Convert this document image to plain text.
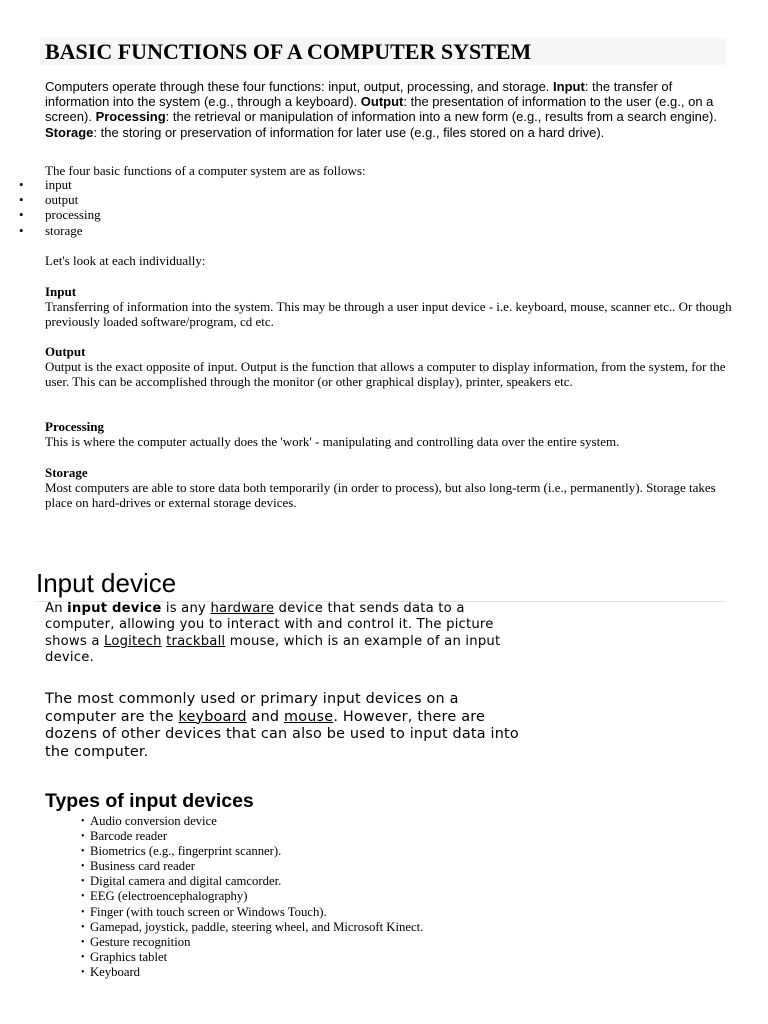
BASIC FUNCTIONS OF A COMPUTER SYSTEM

Computers operate through these four functions: input, output, processing, and storage. Input: the transfer of information into the system (e.g., through a keyboard). Output: the presentation of information to the user (e.g., on a screen). Processing: the retrieval or manipulation of information into a new form (e.g., results from a search engine). Storage: the storing or preservation of information for later use (e.g., files stored on a hard drive).

The four basic functions of a computer system are as follows:

• input
• output
• processing
• storage

Let's look at each individually:

Input
Transferring of information into the system. This may be through a user input device - i.e. keyboard, mouse, scanner etc.. Or though previously loaded software/program, cd etc.
Output
Output is the exact opposite of input. Output is the function that allows a computer to display information, from the system, for the user. This can be accomplished through the monitor (or other graphical display), printer, speakers etc.
Processing
This is where the computer actually does the 'work' - manipulating and controlling data over the entire system.
Storage
Most computers are able to store data both temporarily (in order to process), but also long-term (i.e., permanently). Storage takes place on hard-drives or external storage devices.
Input device

An input device is any hardware device that sends data to a computer, allowing you to interact with and control it. The picture shows a Logitech trackball mouse, which is an example of an input device.

The most commonly used or primary input devices on a computer are the keyboard and mouse. However, there are dozens of other devices that can also be used to input data into the computer.

Types of input devices
• Audio conversion device
• Barcode reader
• Biometrics (e.g., fingerprint scanner).
• Business card reader
• Digital camera and digital camcorder.
• EEG (electroencephalography)
• Finger (with touch screen or Windows Touch).
• Gamepad, joystick, paddle, steering wheel, and Microsoft Kinect.
• Gesture recognition
• Graphics tablet
• Keyboard
